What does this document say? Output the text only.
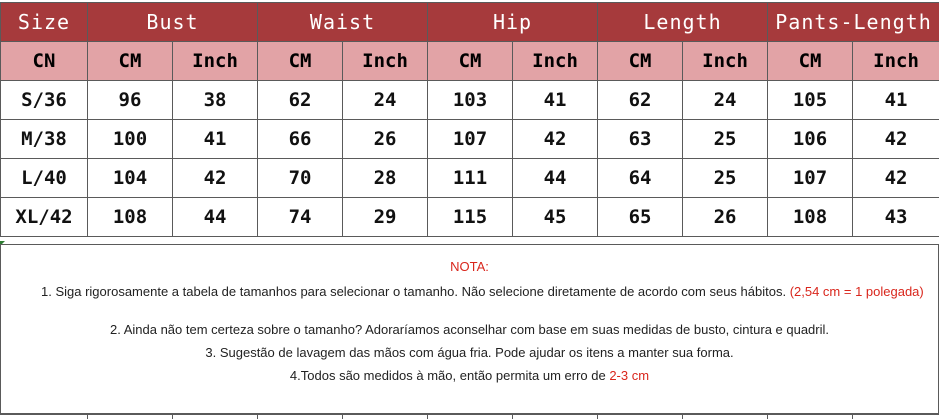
Size	Bust		Waist		Hip		Length		Pants-Length	
CN	CM	Inch	CM	Inch	CM	Inch	CM	Inch	CM	Inch
S/36	96	38	62	24	103	41	62	24	105	41
M/38	100	41	66	26	107	42	63	25	106	42
L/40	104	42	70	28	111	44	64	25	107	42
XL/42	108	44	74	29	115	45	65	26	108	43
NOTA:
1. Siga rigorosamente a tabela de tamanhos para selecionar o tamanho. Não selecione diretamente de acordo com seus hábitos. (2,54 cm = 1 polegada)
2. Ainda não tem certeza sobre o tamanho? Adoraríamos aconselhar com base em suas medidas de busto, cintura e quadril.
3. Sugestão de lavagem das mãos com água fria. Pode ajudar os itens a manter sua forma.
4.Todos são medidos à mão, então permita um erro de 2-3 cm
